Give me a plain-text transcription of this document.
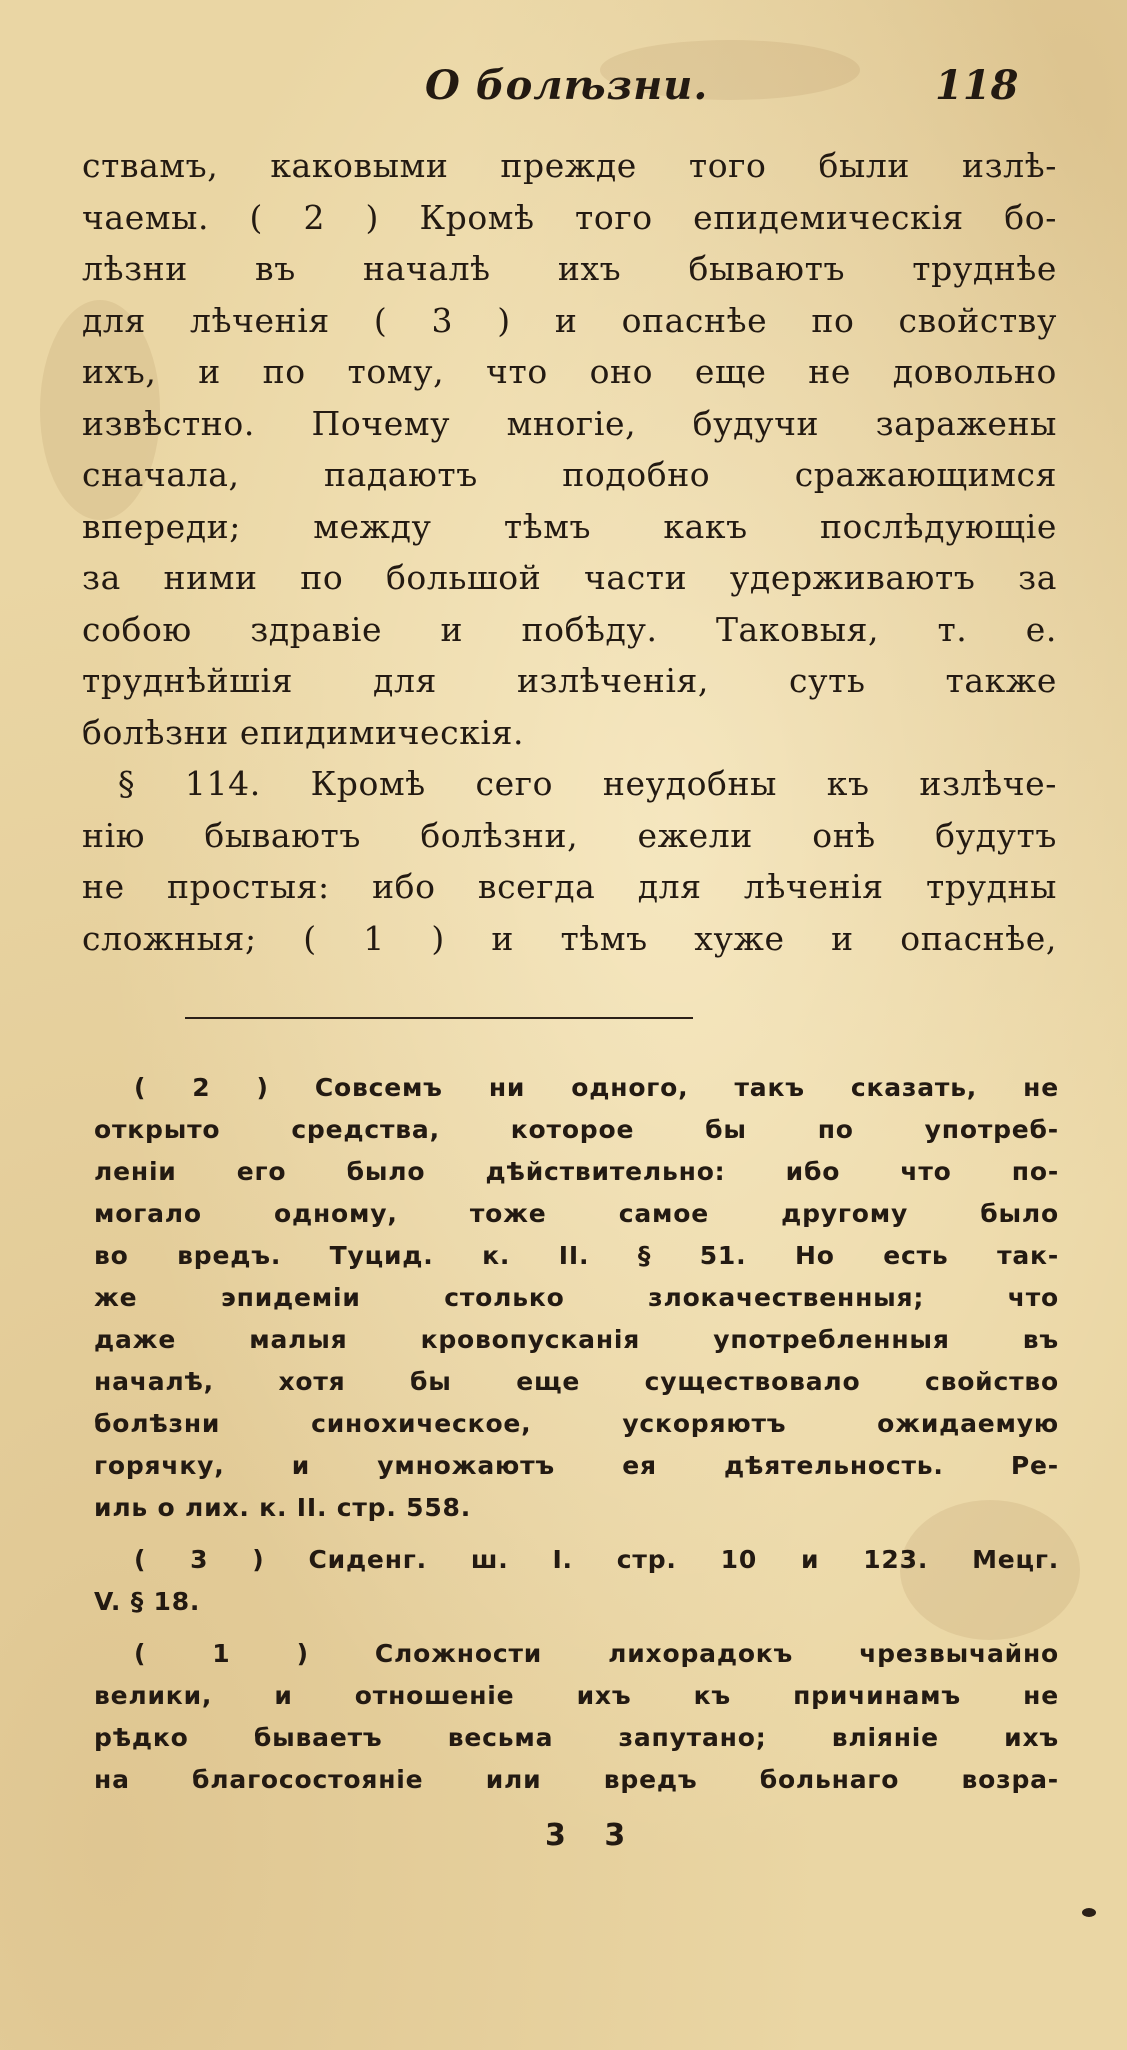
О болѣзни.	118
ствамъ, каковыми прежде того были излѣ-
чаемы. ( 2 ) Кромѣ того епидемическія бо-
лѣзни въ началѣ ихъ бываютъ труднѣе
для лѣченія ( 3 ) и опаснѣе по свойству
ихъ, и по тому, что оно еще не довольно
извѣстно. Почему многіе, будучи заражены
сначала, падаютъ подобно сражающимся
впереди; между тѣмъ какъ послѣдующіе
за ними по большой части удерживаютъ за
собою здравіе и побѣду. Таковыя, т. е.
труднѣйшія для излѣченія, суть также
болѣзни епидимическія.
§ 114. Кромѣ сего неудобны къ излѣче-
нію бываютъ болѣзни, ежели онѣ будутъ
не простыя: ибо всегда для лѣченія трудны
сложныя; ( 1 ) и тѣмъ хуже и опаснѣе,
( 2 ) Совсемъ ни одного, такъ сказать, не
открыто средства, которое бы по употреб-
леніи его было дѣйствительно: ибо что по-
могало одному, тоже самое другому было
во вредъ. Туцид. к. II. § 51. Но есть так-
же эпидеміи столько злокачественныя; что
даже малыя кровопусканія употребленныя въ
началѣ, хотя бы еще существовало свойство
болѣзни синохическое, ускоряютъ ожидаемую
горячку, и умножаютъ ея дѣятельность. Ре-
иль о лих. к. II. стр. 558.
( 3 ) Сиденг. ш. I. стр. 10 и 123. Мецг.
V. § 18.
( 1 ) Сложности лихорадокъ чрезвычайно
велики, и отношеніе ихъ къ причинамъ не
рѣдко бываетъ весьма запутано; вліяніе ихъ
на благосостояніе или вредъ больнаго возра-
3 3
